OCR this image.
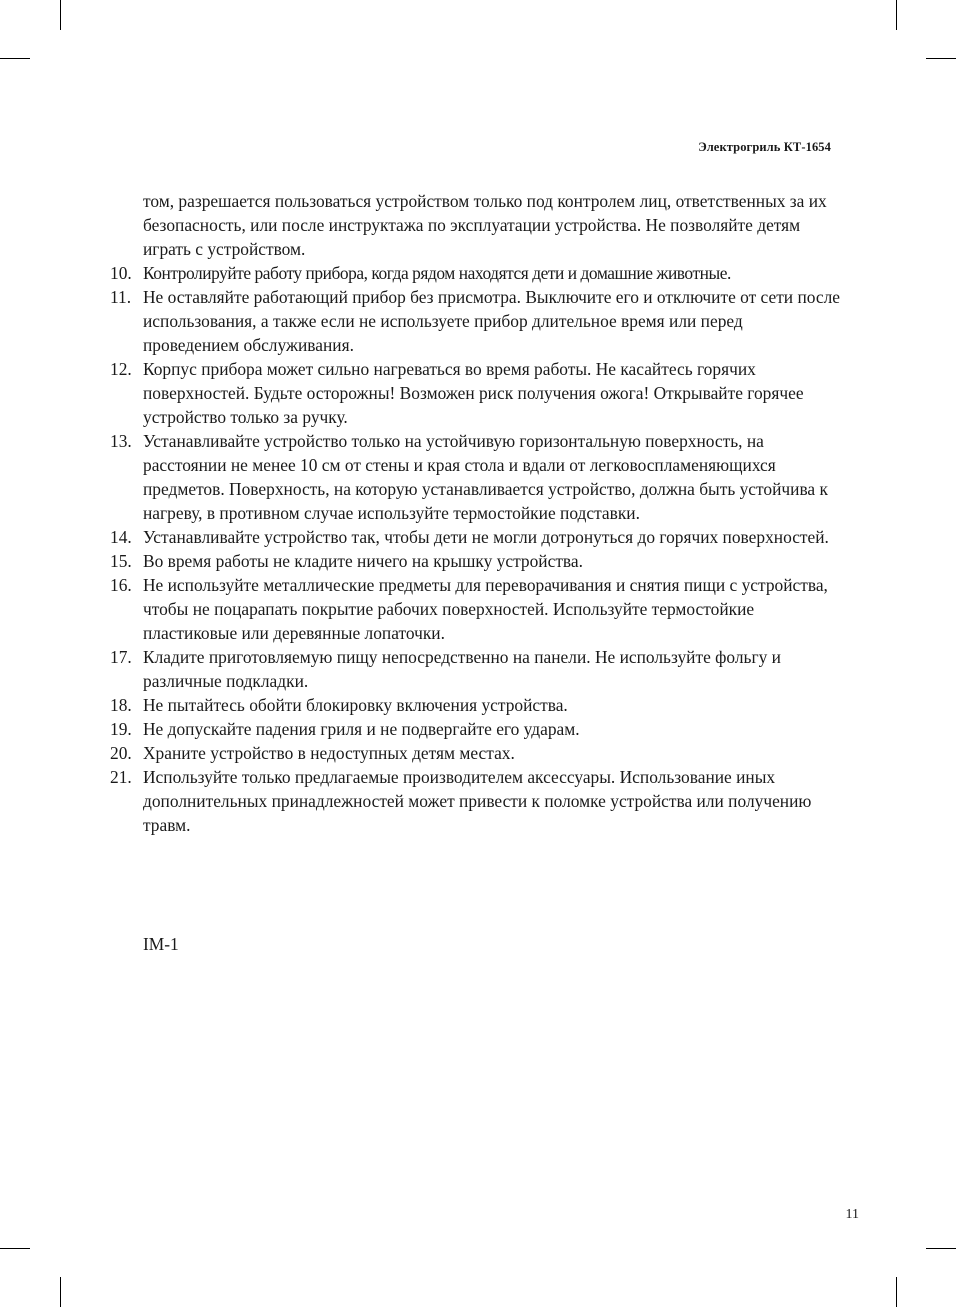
Электрогриль КТ-1654

том, разрешается пользоваться устройством только под контролем лиц, ответственных за их безопасность, или после инструктажа по эксплуатации устройства. Не позволяйте детям играть с устройством.

10. Контролируйте работу прибора, когда рядом находятся дети и домашние животные.
11. Не оставляйте работающий прибор без присмотра. Выключите его и отключите от сети после использования, а также если не используете прибор длительное время или перед проведением обслуживания.
12. Корпус прибора может сильно нагреваться во время работы. Не касайтесь горячих поверхностей. Будьте осторожны! Возможен риск получения ожога! Открывайте горячее устройство только за ручку.
13. Устанавливайте устройство только на устойчивую горизонтальную поверхность, на расстоянии не менее 10 см от стены и края стола и вдали от легковоспламеняющихся предметов. Поверхность, на которую устанавливается устройство, должна быть устойчива к нагреву, в противном случае используйте термостойкие подставки.
14. Устанавливайте устройство так, чтобы дети не могли дотронуться до горячих поверхностей.
15. Во время работы не кладите ничего на крышку устройства.
16. Не используйте металлические предметы для переворачивания и снятия пищи с устройства, чтобы не поцарапать покрытие рабочих поверхностей. Используйте термостойкие пластиковые или деревянные лопаточки.
17. Кладите приготовляемую пищу непосредственно на панели. Не используйте фольгу и различные подкладки.
18. Не пытайтесь обойти блокировку включения устройства.
19. Не допускайте падения гриля и не подвергайте его ударам.
20. Храните устройство в недоступных детям местах.
21. Используйте только предлагаемые производителем аксессуары. Использование иных дополнительных принадлежностей может привести к поломке устройства или получению травм.
IM-1
11
